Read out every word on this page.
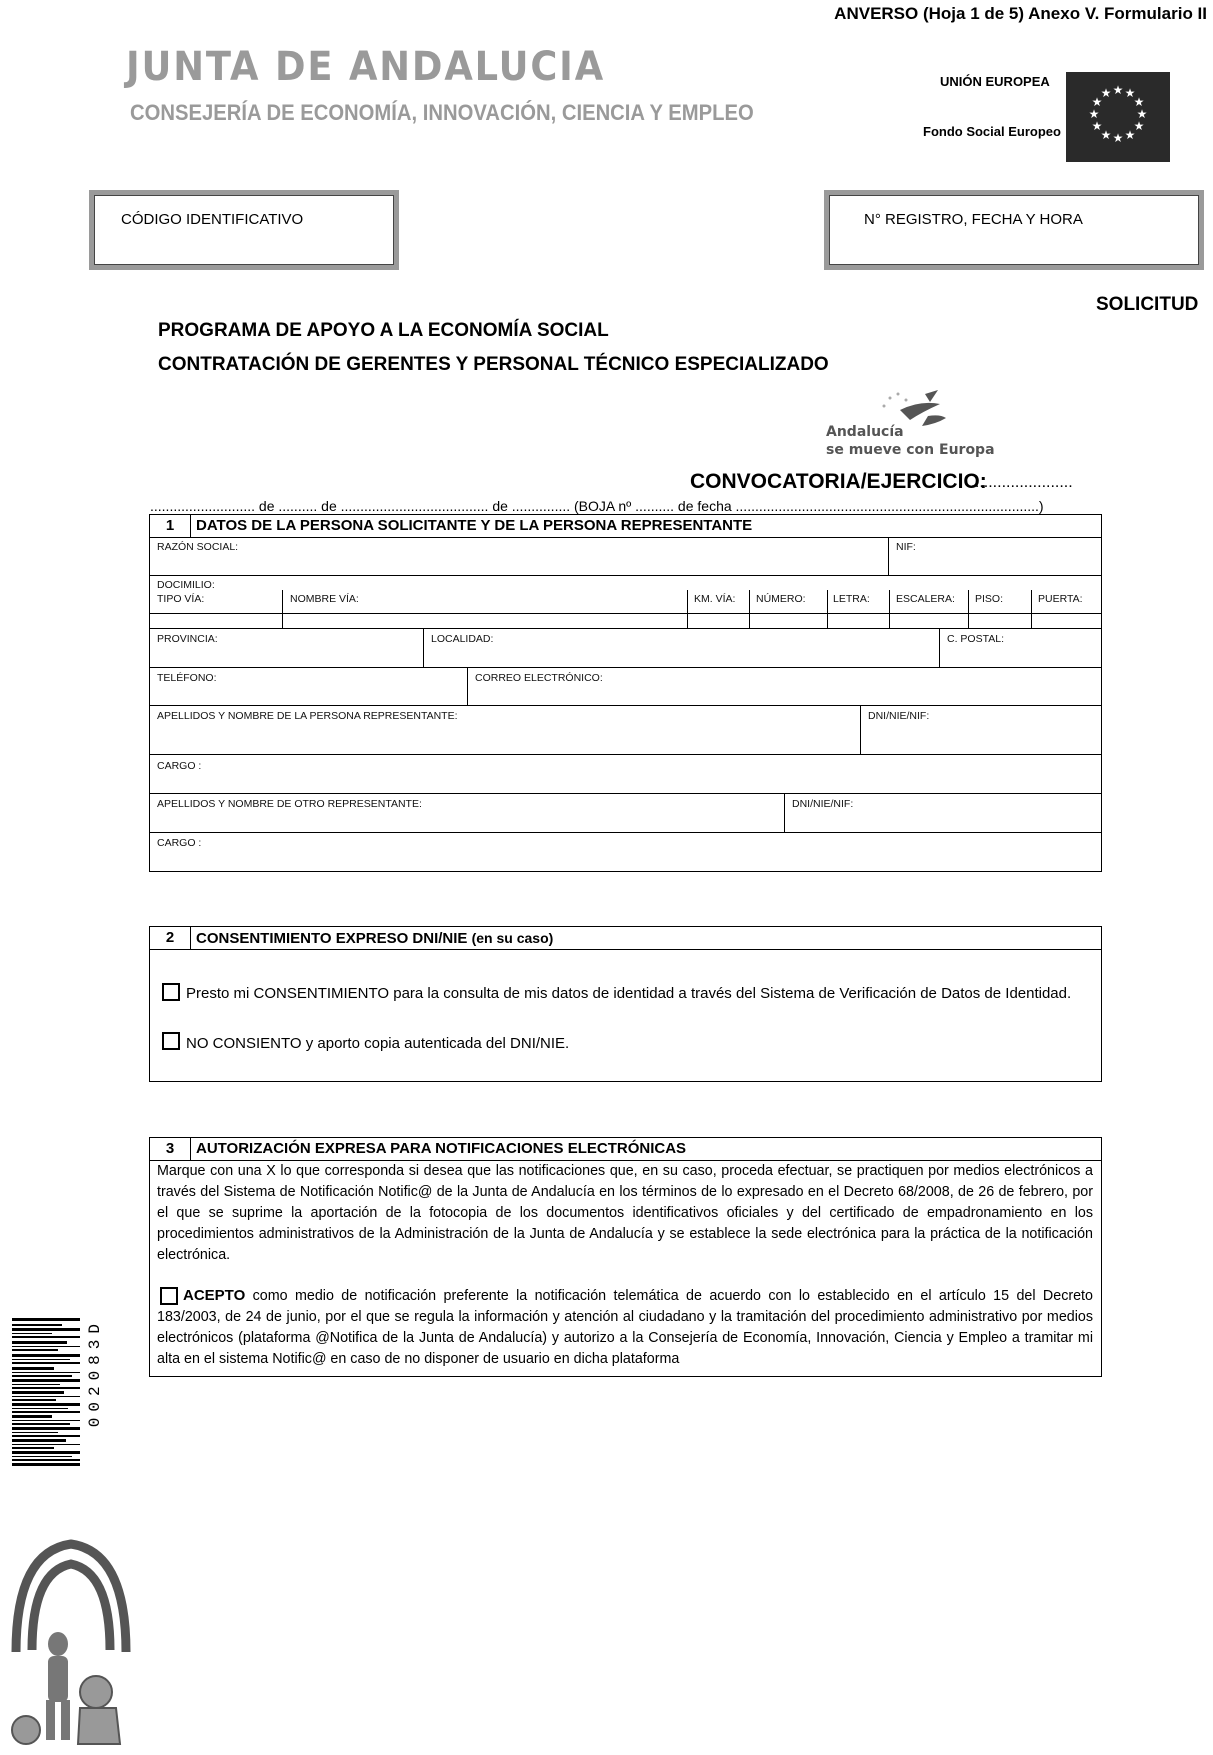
ANVERSO (Hoja 1 de 5) Anexo V. Formulario II
JUNTA DE ANDALUCIA
CONSEJERÍA DE ECONOMÍA, INNOVACIÓN, CIENCIA Y EMPLEO
UNIÓN EUROPEA
Fondo Social Europeo
★ ★
★
★
★
★
★
★
★
★
★
★
CÓDIGO IDENTIFICATIVO	N° REGISTRO, FECHA Y HORA
SOLICITUD
PROGRAMA DE APOYO A LA ECONOMÍA SOCIAL
CONTRATACIÓN DE GERENTES Y PERSONAL TÉCNICO ESPECIALIZADO
Andalucía
se mueve con Europa
CONVOCATORIA/EJERCICIO:
........................
........................... de .......... de ...................................... de ............... (BOJA nº .......... de fecha ..............................................................................)
1	DATOS DE LA PERSONA SOLICITANTE Y DE LA PERSONA REPRESENTANTE
RAZÓN SOCIAL:	NIF:
DOCIMILIO:
TIPO VÍA:	NOMBRE VÍA:	KM. VÍA: NÚMERO:	LETRA: ESCALERA: PISO:	PUERTA:
PROVINCIA:	LOCALIDAD:	C. POSTAL:
TELÉFONO:	CORREO ELECTRÓNICO:
APELLIDOS Y NOMBRE DE LA PERSONA REPRESENTANTE:	DNI/NIE/NIF:
CARGO :
APELLIDOS Y NOMBRE DE OTRO REPRESENTANTE:	DNI/NIE/NIF:
CARGO :
2	CONSENTIMIENTO EXPRESO DNI/NIE (en su caso)
Presto mi CONSENTIMIENTO para la consulta de mis datos de identidad a través del Sistema de Verificación de Datos de Identidad.
NO CONSIENTO y aporto copia autenticada del DNI/NIE.
3	AUTORIZACIÓN EXPRESA PARA NOTIFICACIONES ELECTRÓNICAS
Marque con una X lo que corresponda si desea que las notificaciones que, en su caso, proceda efectuar, se practiquen por medios electrónicos a través del Sistema de Notificación Notific@ de la Junta de Andalucía en los términos de lo expresado en el Decreto 68/2008, de 26 de febrero, por el que se suprime la aportación de la fotocopia de los documentos identificativos oficiales y del certificado de empadronamiento en los procedimientos administrativos de la Administración de la Junta de Andalucía y se establece la sede electrónica para la práctica de la notificación electrónica.
ACEPTO como medio de notificación preferente la notificación telemática de acuerdo con lo establecido en el artículo 15 del Decreto 183/2003, de 24 de junio, por el que se regula la información y atención al ciudadano y la tramitación del procedimiento administrativo por medios electrónicos (plataforma @Notifica de la Junta de Andalucía) y autorizo a la Consejería de Economía, Innovación, Ciencia y Empleo a tramitar mi alta en el sistema Notific@ en caso de no disponer de usuario en dicha plataforma
002083D
